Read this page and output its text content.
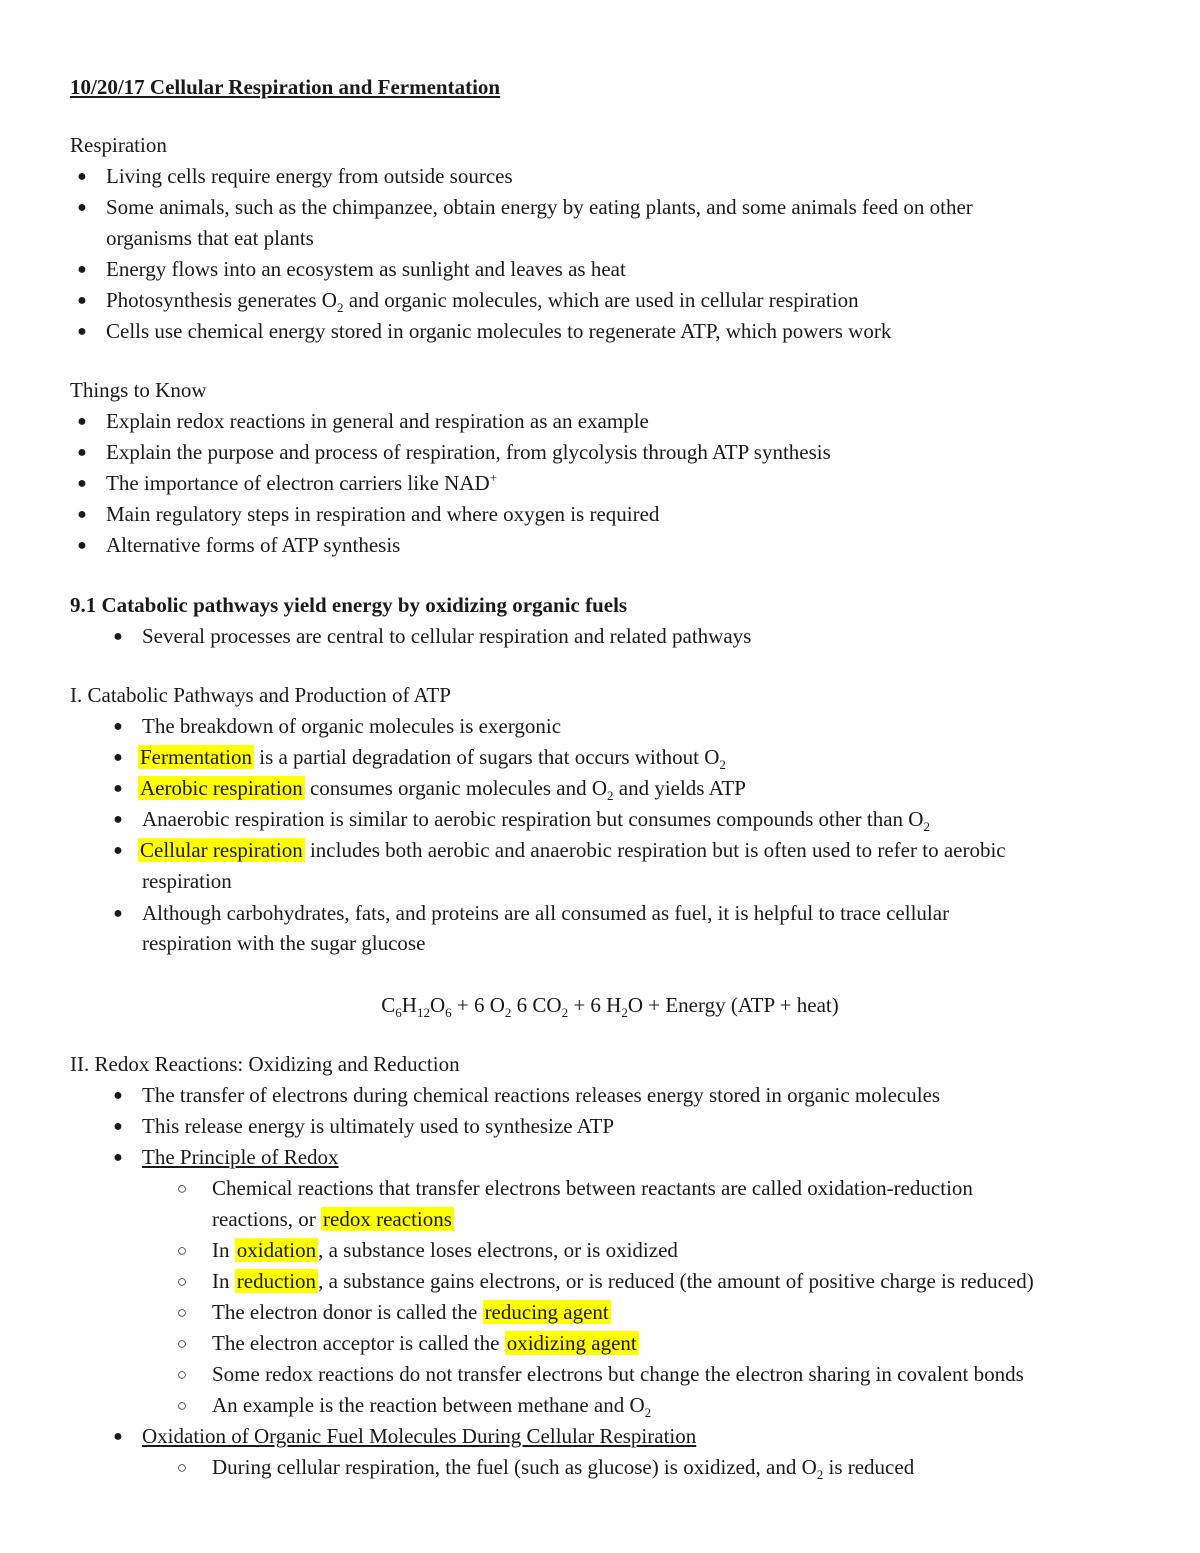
10/20/17 Cellular Respiration and Fermentation
Respiration
● Living cells require energy from outside sources
● Some animals, such as the chimpanzee, obtain energy by eating plants, and some animals feed on other
organisms that eat plants
● Energy flows into an ecosystem as sunlight and leaves as heat
● Photosynthesis generates $O_2$ and organic molecules, which are used in cellular respiration
● Cells use chemical energy stored in organic molecules to regenerate ATP, which powers work
Things to Know
● Explain redox reactions in general and respiration as an example
● Explain the purpose and process of respiration, from glycolysis through ATP synthesis
● The importance of electron carriers like NAD+
● Main regulatory steps in respiration and where oxygen is required
● Alternative forms of ATP synthesis
9.1 Catabolic pathways yield energy by oxidizing organic fuels
● Several processes are central to cellular respiration and related pathways
I. Catabolic Pathways and Production of ATP
● The breakdown of organic molecules is exergonic
● Fermentation is a partial degradation of sugars that occurs without $O_2$
● Aerobic respiration consumes organic molecules and $O_2$ and yields ATP
● Anaerobic respiration is similar to aerobic respiration but consumes compounds other than $O_2$
● Cellular respiration includes both aerobic and anaerobic respiration but is often used to refer to aerobic
respiration
● Although carbohydrates, fats, and proteins are all consumed as fuel, it is helpful to trace cellular
respiration with the sugar glucose
$C_6H_{12}O_6 + 6$ $O_2$ 6 $CO_2 + 6$ $H_2O$ + Energy (ATP + heat)
II. Redox Reactions: Oxidizing and Reduction
● The transfer of electrons during chemical reactions releases energy stored in organic molecules
● This release energy is ultimately used to synthesize ATP
● The Principle of Redox
○ Chemical reactions that transfer electrons between reactants are called oxidation-reduction
reactions, or redox reactions
○ In oxidation, a substance loses electrons, or is oxidized
○ In reduction, a substance gains electrons, or is reduced (the amount of positive charge is reduced)
○ The electron donor is called the reducing agent
○ The electron acceptor is called the oxidizing agent
○ Some redox reactions do not transfer electrons but change the electron sharing in covalent bonds
○ An example is the reaction between methane and $O_2$
● Oxidation of Organic Fuel Molecules During Cellular Respiration
○ During cellular respiration, the fuel (such as glucose) is oxidized, and $O_2$ is reduced
